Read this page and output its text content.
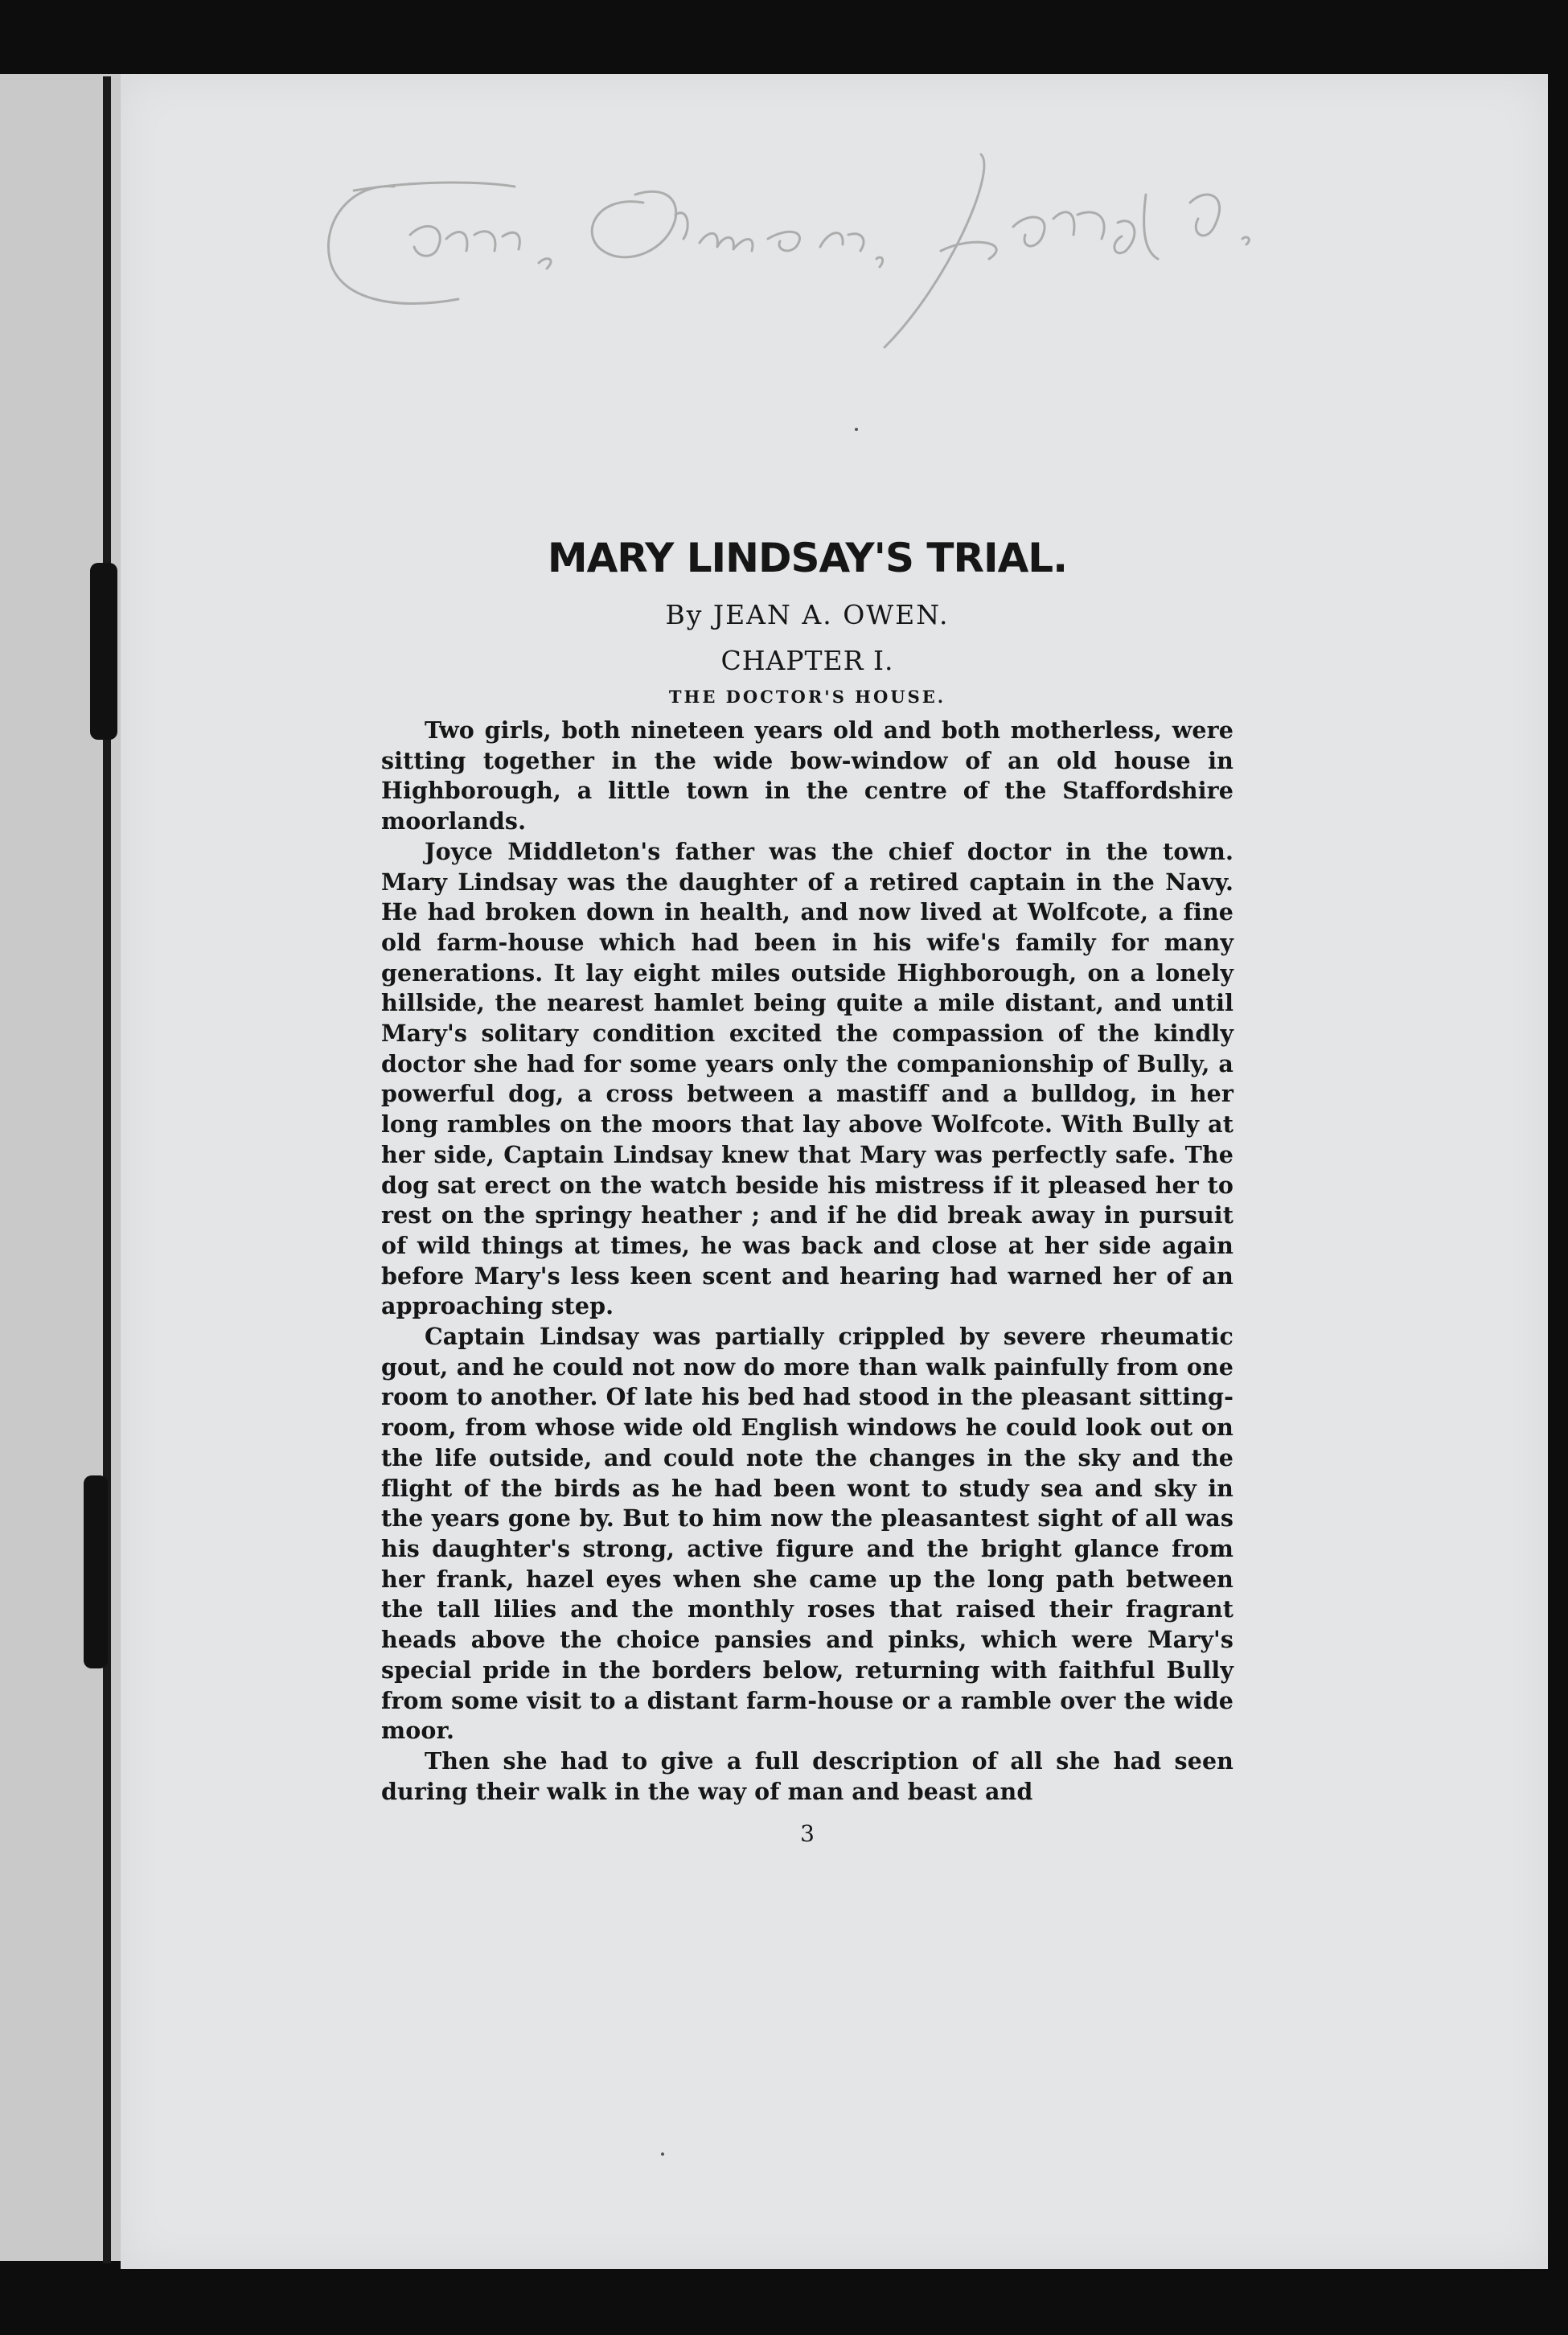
MARY LINDSAY'S TRIAL.
By JEAN A. OWEN.
CHAPTER I.
THE DOCTOR'S HOUSE.

Two girls, both nineteen years old and both motherless, were sitting together in the wide bow-window of an old house in Highborough, a little town in the centre of the Staffordshire moorlands.

Joyce Middleton's father was the chief doctor in the town. Mary Lindsay was the daughter of a retired captain in the Navy. He had broken down in health, and now lived at Wolfcote, a fine old farm-house which had been in his wife's family for many generations. It lay eight miles outside Highborough, on a lonely hillside, the nearest hamlet being quite a mile distant, and until Mary's solitary condition excited the compassion of the kindly doctor she had for some years only the companionship of Bully, a powerful dog, a cross between a mastiff and a bulldog, in her long rambles on the moors that lay above Wolfcote. With Bully at her side, Captain Lindsay knew that Mary was perfectly safe. The dog sat erect on the watch beside his mistress if it pleased her to rest on the springy heather ; and if he did break away in pursuit of wild things at times, he was back and close at her side again before Mary's less keen scent and hearing had warned her of an approaching step.

Captain Lindsay was partially crippled by severe rheumatic gout, and he could not now do more than walk painfully from one room to another. Of late his bed had stood in the pleasant sitting-room, from whose wide old English windows he could look out on the life outside, and could note the changes in the sky and the flight of the birds as he had been wont to study sea and sky in the years gone by. But to him now the pleasantest sight of all was his daughter's strong, active figure and the bright glance from her frank, hazel eyes when she came up the long path between the tall lilies and the monthly roses that raised their fragrant heads above the choice pansies and pinks, which were Mary's special pride in the borders below, returning with faithful Bully from some visit to a distant farm-house or a ramble over the wide moor.

Then she had to give a full description of all she had seen during their walk in the way of man and beast and

3
